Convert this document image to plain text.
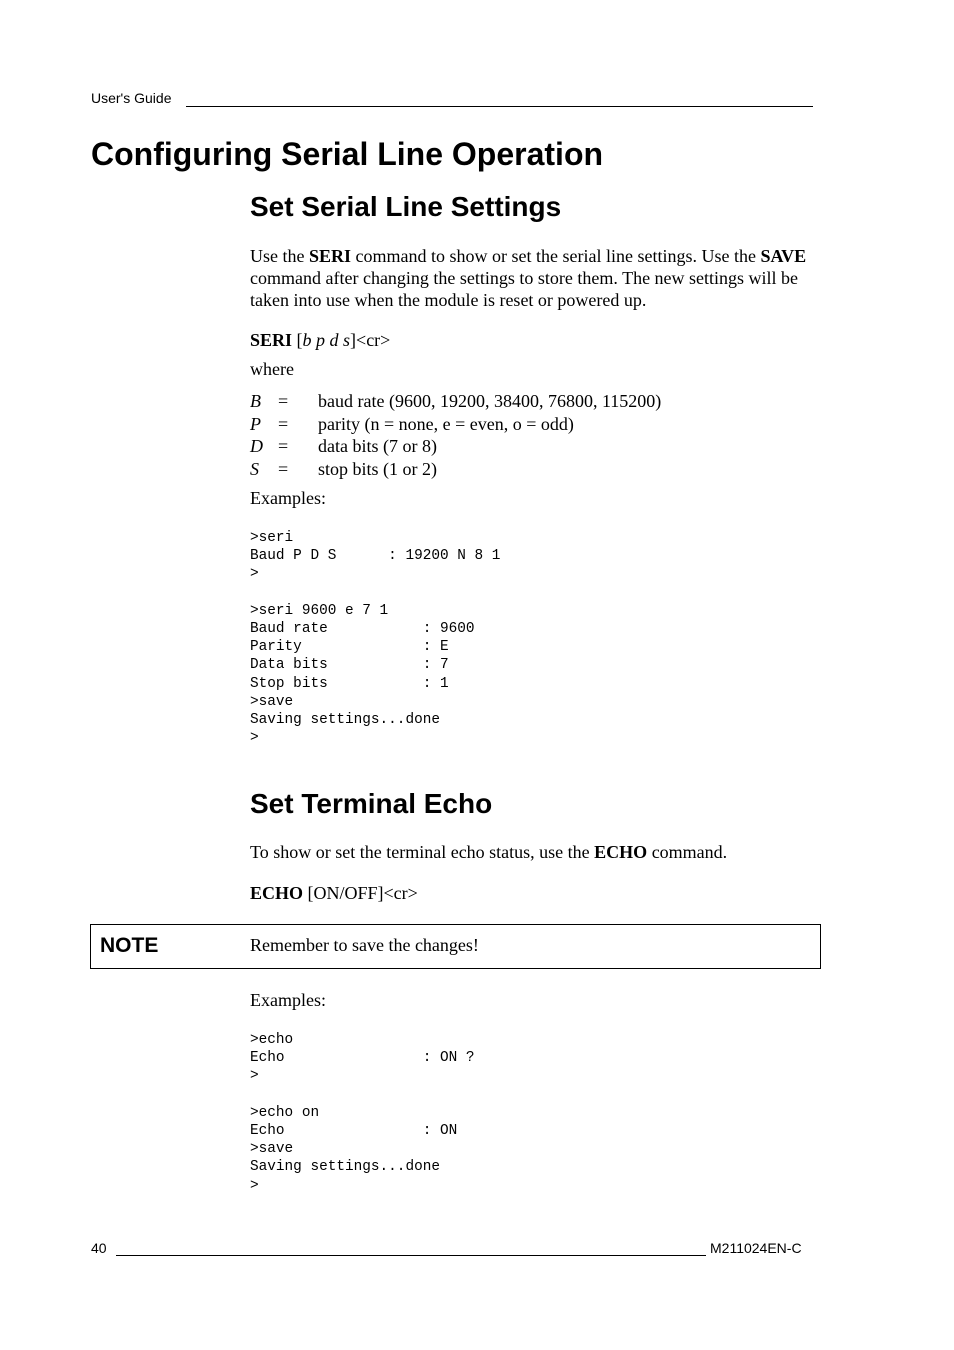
User's Guide
Configuring Serial Line Operation
Set Serial Line Settings
Use the SERI command to show or set the serial line settings. Use the SAVE command after changing the settings to store them. The new settings will be taken into use when the module is reset or powered up.
SERI [b p d s]<cr>
where
B =	baud rate (9600, 19200, 38400, 76800, 115200)
P =	parity (n = none, e = even, o = odd)
D =	data bits (7 or 8)
S	=	stop bits (1 or 2)
Examples:
>seri
Baud P D S      : 19200 N 8 1
>

>seri 9600 e 7 1
Baud rate           : 9600
Parity              : E
Data bits           : 7
Stop bits           : 1
>save
Saving settings...done
>
Set Terminal Echo
To show or set the terminal echo status, use the ECHO command.
ECHO [ON/OFF]<cr>
NOTE	Remember to save the changes!
Examples:
>echo
Echo                : ON ?
>

>echo on
Echo                : ON
>save
Saving settings...done
>
40	M211024EN-C
